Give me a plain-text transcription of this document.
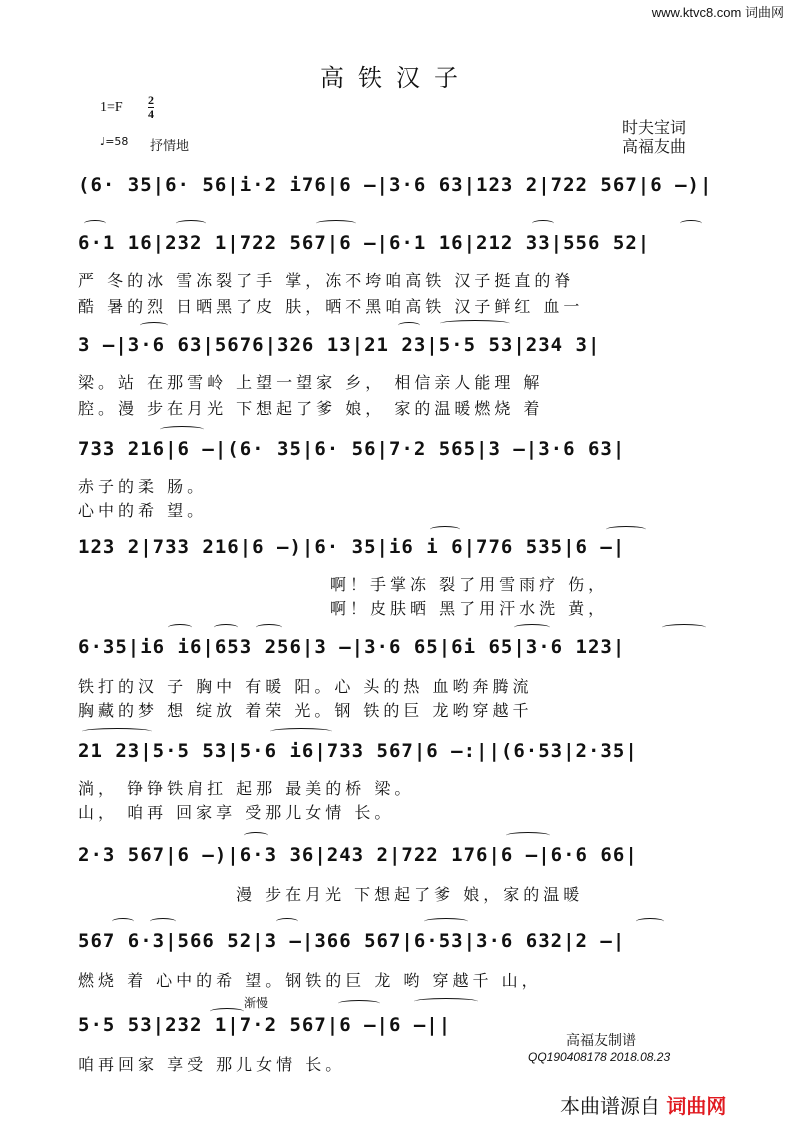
www.ktvc8.com 词曲网
高铁汉子
1=F 2
4
♩=58 抒情地
时夫宝词
高福友曲
(6· 35|6· 56|i·2 i76|6 –|3·6 63|123 2|722 567|6 –)|
6·1 16|232 1|722 567|6 –|6·1 16|212 33|556 52|
严 冬的冰 雪冻裂了手 掌，冻不垮咱高铁 汉子挺直的脊
酷 暑的烈 日晒黑了皮 肤，晒不黑咱高铁 汉子鲜红 血一
3 –|3·6 63|5676|326 13|21 23|5·5 53|234 3|
梁。站 在那雪岭 上望一望家 乡， 相信亲人能理 解
腔。漫 步在月光 下想起了爹 娘， 家的温暖燃烧 着
733 216|6 –|(6· 35|6· 56|7·2 565|3 –|3·6 63|
赤子的柔 肠。
心中的希 望。
123 2|733 216|6 –)|6· 35|i6 i 6|776 535|6 –|
啊！手掌冻 裂了用雪雨疗 伤，
啊！皮肤晒 黑了用汗水洗 黄，
6·35|i6 i6|653 256|3 –|3·6 65|6i 65|3·6 123|
铁打的汉 子 胸中 有暖 阳。心 头的热 血哟奔腾流
胸藏的梦 想 绽放 着荣 光。钢 铁的巨 龙哟穿越千
21 23|5·5 53|5·6 i6|733 567|6 –:||(6·53|2·35|
淌， 铮铮铁肩扛 起那 最美的桥 梁。
山， 咱再 回家享 受那儿女情 长。
2·3 567|6 –)|6·3 36|243 2|722 176|6 –|6·6 66|
漫 步在月光 下想起了爹 娘，家的温暖
567 6·3|566 52|3 –|366 567|6·53|3·6 632|2 –|
燃烧 着 心中的希 望。钢铁的巨 龙 哟 穿越千 山，
渐慢
5·5 53|232 1|7·2 567|6 –|6 –||
咱再回家 享受 那儿女情 长。
高福友制谱
QQ190408178 2018.08.23
本曲谱源自 词曲网
